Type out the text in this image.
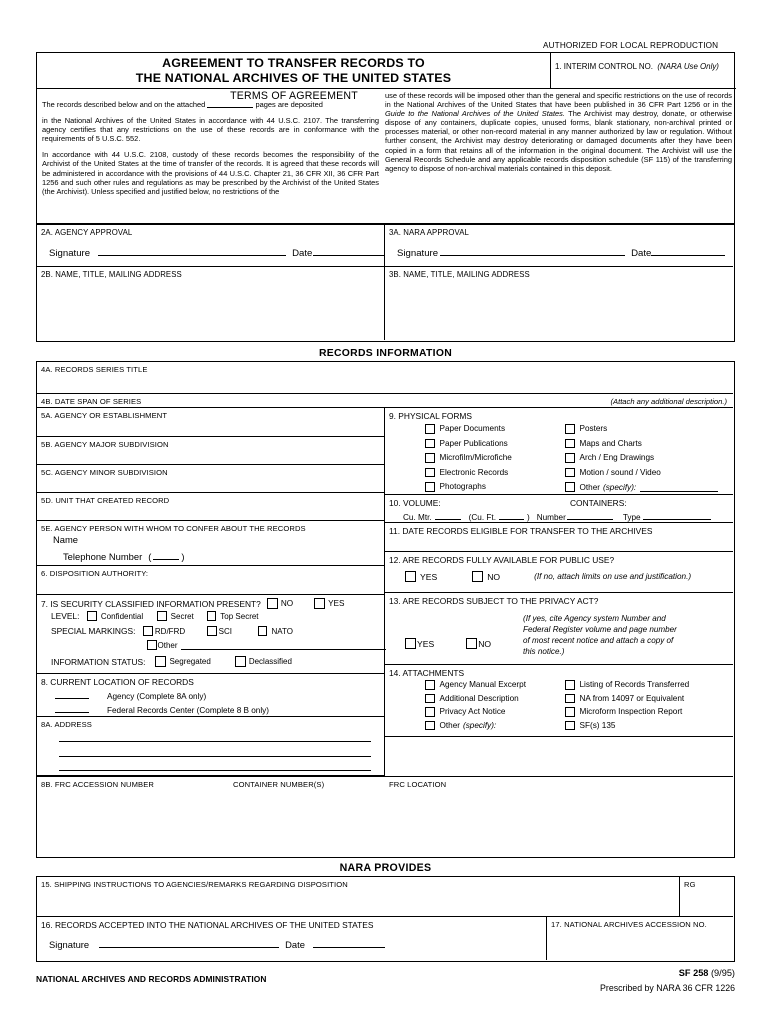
AUTHORIZED FOR LOCAL REPRODUCTION
AGREEMENT TO TRANSFER RECORDS TO
THE NATIONAL ARCHIVES OF THE UNITED STATES
1. INTERIM CONTROL NO. (NARA Use Only)
TERMS OF AGREEMENT

The records described below and on the attached	pages are deposited

in the National Archives of the United States in accordance with 44 U.S.C. 2107. The transferring agency certifies that any restrictions on the use of these records are in conformance with the requirements of 5 U.S.C. 552.

In accordance with 44 U.S.C. 2108, custody of these records becomes the responsibility of the Archivist of the United States at the time of transfer of the records. It is agreed that these records will be administered in accordance with the provisions of 44 U.S.C. Chapter 21, 36 CFR XII, 36 CFR Part 1256 and such other rules and regulations as may be prescribed by the Archivist of the United States (the Archivist). Unless specified and justified below, no restrictions of the

use of these records will be imposed other than the general and specific restrictions on the use of records in the National Archives of the United States that have been published in 36 CFR Part 1256 or in the Guide to the National Archives of the United States. The Archivist may destroy, donate, or otherwise dispose of any containers, duplicate copies, unused forms, blank stationary, non-archival printed or processes material, or other non-record material in any manner authorized by law or regulation. Without further consent, the Archivist may destroy deteriorating or damaged documents after they have been copied in a form that retains all of the information in the original document. The Archivist will use the General Records Schedule and any applicable records disposition schedule (SF 115) of the transferring agency to dispose of non-archival materials contained in this deposit.

2A. AGENCY APPROVAL
Signature	Date
3A. NARA APPROVAL
Signature	Date
2B. NAME, TITLE, MAILING ADDRESS	3B. NAME, TITLE, MAILING ADDRESS
RECORDS INFORMATION
4A. RECORDS SERIES TITLE
4B. DATE SPAN OF SERIES	(Attach any additional description.)
5A. AGENCY OR ESTABLISHMENT
5B. AGENCY MAJOR SUBDIVISION
5C. AGENCY MINOR SUBDIVISION
5D. UNIT THAT CREATED RECORD
5E. AGENCY PERSON WITH WHOM TO CONFER ABOUT THE RECORDS
Name
Telephone Number (	)
6. DISPOSITION AUTHORITY:
7. IS SECURITY CLASSIFIED INFORMATION PRESENT? NO	YES
LEVEL:	Confidential	Secret	Top Secret
SPECIAL MARKINGS: RD/FRD	SCI	NATO
Other
INFORMATION STATUS:	Segregated	Declassified
8. CURRENT LOCATION OF RECORDS
Agency (Complete 8A only)
Federal Records Center (Complete 8 B only)
8A. ADDRESS
8B. FRC ACCESSION NUMBER	CONTAINER NUMBER(S)	FRC LOCATION
9. PHYSICAL FORMS
Paper Documents
Paper Publications
Microfilm/Microfiche
Electronic Records
Photographs
Posters
Maps and Charts
Arch / Eng Drawings
Motion / sound / Video
Other (specify):
10. VOLUME:	CONTAINERS:
Cu. Mtr.	(Cu. Ft.	) Number	Type
11. DATE RECORDS ELIGIBLE FOR TRANSFER TO THE ARCHIVES
12. ARE RECORDS FULLY AVAILABLE FOR PUBLIC USE?
YES	NO	(If no, attach limits on use and justification.)
13. ARE RECORDS SUBJECT TO THE PRIVACY ACT?
(If yes, cite Agency system Number and
Federal Register volume and page number
of most recent notice and attach a copy of
this notice.)
YES	NO
14. ATTACHMENTS
Agency Manual Excerpt
Additional Description
Privacy Act Notice
Other (specify):
Listing of Records Transferred
NA from 14097 or Equivalent
Microform Inspection Report
SF(s) 135
NARA PROVIDES
15. SHIPPING INSTRUCTIONS TO AGENCIES/REMARKS REGARDING DISPOSITION	RG
16. RECORDS ACCEPTED INTO THE NATIONAL ARCHIVES OF THE UNITED STATES
Signature	Date
17. NATIONAL ARCHIVES ACCESSION NO.
NATIONAL ARCHIVES AND RECORDS ADMINISTRATION
SF 258 (9/95)
Prescribed by NARA 36 CFR 1226
